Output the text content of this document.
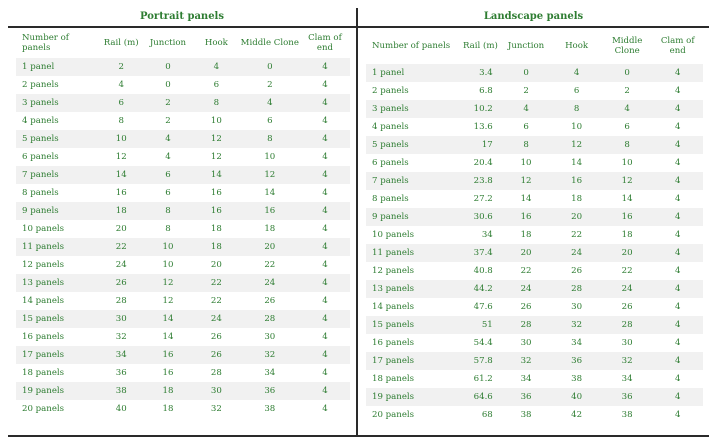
Portrait panels
Number of panels	Rail (m)	Junction	Hook	Middle Clone	Clam of end
1 panel	2	0	4	0	4
2 panels	4	0	6	2	4
3 panels	6	2	8	4	4
4 panels	8	2	10	6	4
5 panels	10	4	12	8	4
6 panels	12	4	12	10	4
7 panels	14	6	14	12	4
8 panels	16	6	16	14	4
9 panels	18	8	16	16	4
10 panels	20	8	18	18	4
11 panels	22	10	18	20	4
12 panels	24	10	20	22	4
13 panels	26	12	22	24	4
14 panels	28	12	22	26	4
15 panels	30	14	24	28	4
16 panels	32	14	26	30	4
17 panels	34	16	26	32	4
18 panels	36	16	28	34	4
19 panels	38	18	30	36	4
20 panels	40	18	32	38	4
Landscape panels
Number of panels	Rail (m)	Junction	Hook	Middle Clone	Clam of end
1 panel	3.4	0	4	0	4
2 panels	6.8	2	6	2	4
3 panels	10.2	4	8	4	4
4 panels	13.6	6	10	6	4
5 panels	17	8	12	8	4
6 panels	20.4	10	14	10	4
7 panels	23.8	12	16	12	4
8 panels	27.2	14	18	14	4
9 panels	30.6	16	20	16	4
10 panels	34	18	22	18	4
11 panels	37.4	20	24	20	4
12 panels	40.8	22	26	22	4
13 panels	44.2	24	28	24	4
14 panels	47.6	26	30	26	4
15 panels	51	28	32	28	4
16 panels	54.4	30	34	30	4
17 panels	57.8	32	36	32	4
18 panels	61.2	34	38	34	4
19 panels	64.6	36	40	36	4
20 panels	68	38	42	38	4
